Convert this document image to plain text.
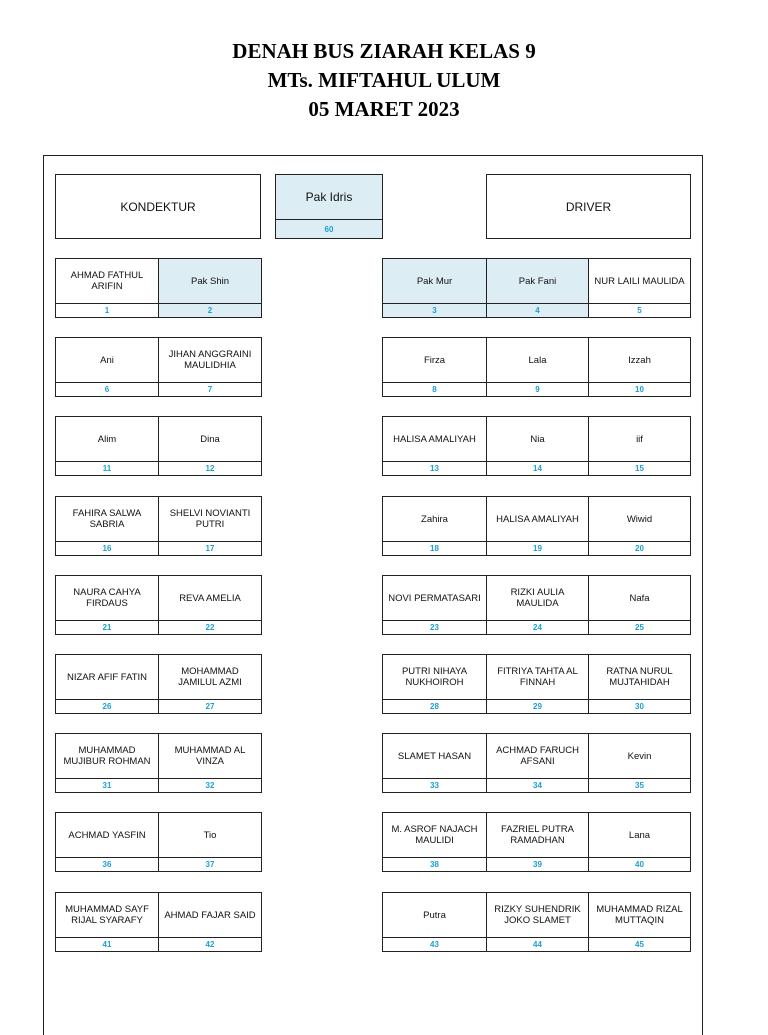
DENAH BUS ZIARAH KELAS 9
MTs. MIFTAHUL ULUM
05 MARET 2023
KONDEKTUR
Pak Idris
60
DRIVER
AHMAD FATHUL ARIFIN
1
Pak Shin
2
Pak Mur
3
Pak Fani
4
NUR LAILI MAULIDA
5
Ani
6
JIHAN ANGGRAINI MAULIDHIA
7
Firza
8
Lala
9
Izzah
10
Alim
11
Dina
12
HALISA AMALIYAH
13
Nia
14
iif
15
FAHIRA SALWA SABRIA
16
SHELVI NOVIANTI PUTRI
17
Zahira
18
HALISA AMALIYAH
19
Wiwid
20
NAURA CAHYA FIRDAUS
21
REVA AMELIA
22
NOVI PERMATASARI
23
RIZKI AULIA MAULIDA
24
Nafa
25
NIZAR AFIF FATIN
26
MOHAMMAD JAMILUL AZMI
27
PUTRI NIHAYA NUKHOIROH
28
FITRIYA TAHTA AL FINNAH
29
RATNA NURUL MUJTAHIDAH
30
MUHAMMAD MUJIBUR ROHMAN
31
MUHAMMAD AL VINZA
32
SLAMET HASAN
33
ACHMAD FARUCH AFSANI
34
Kevin
35
ACHMAD YASFIN
36
Tio
37
M. ASROF NAJACH MAULIDI
38
FAZRIEL PUTRA RAMADHAN
39
Lana
40
MUHAMMAD SAYF RIJAL SYARAFY
41
AHMAD FAJAR SAID
42
Putra
43
RIZKY SUHENDRIK JOKO SLAMET
44
MUHAMMAD RIZAL MUTTAQIN
45
